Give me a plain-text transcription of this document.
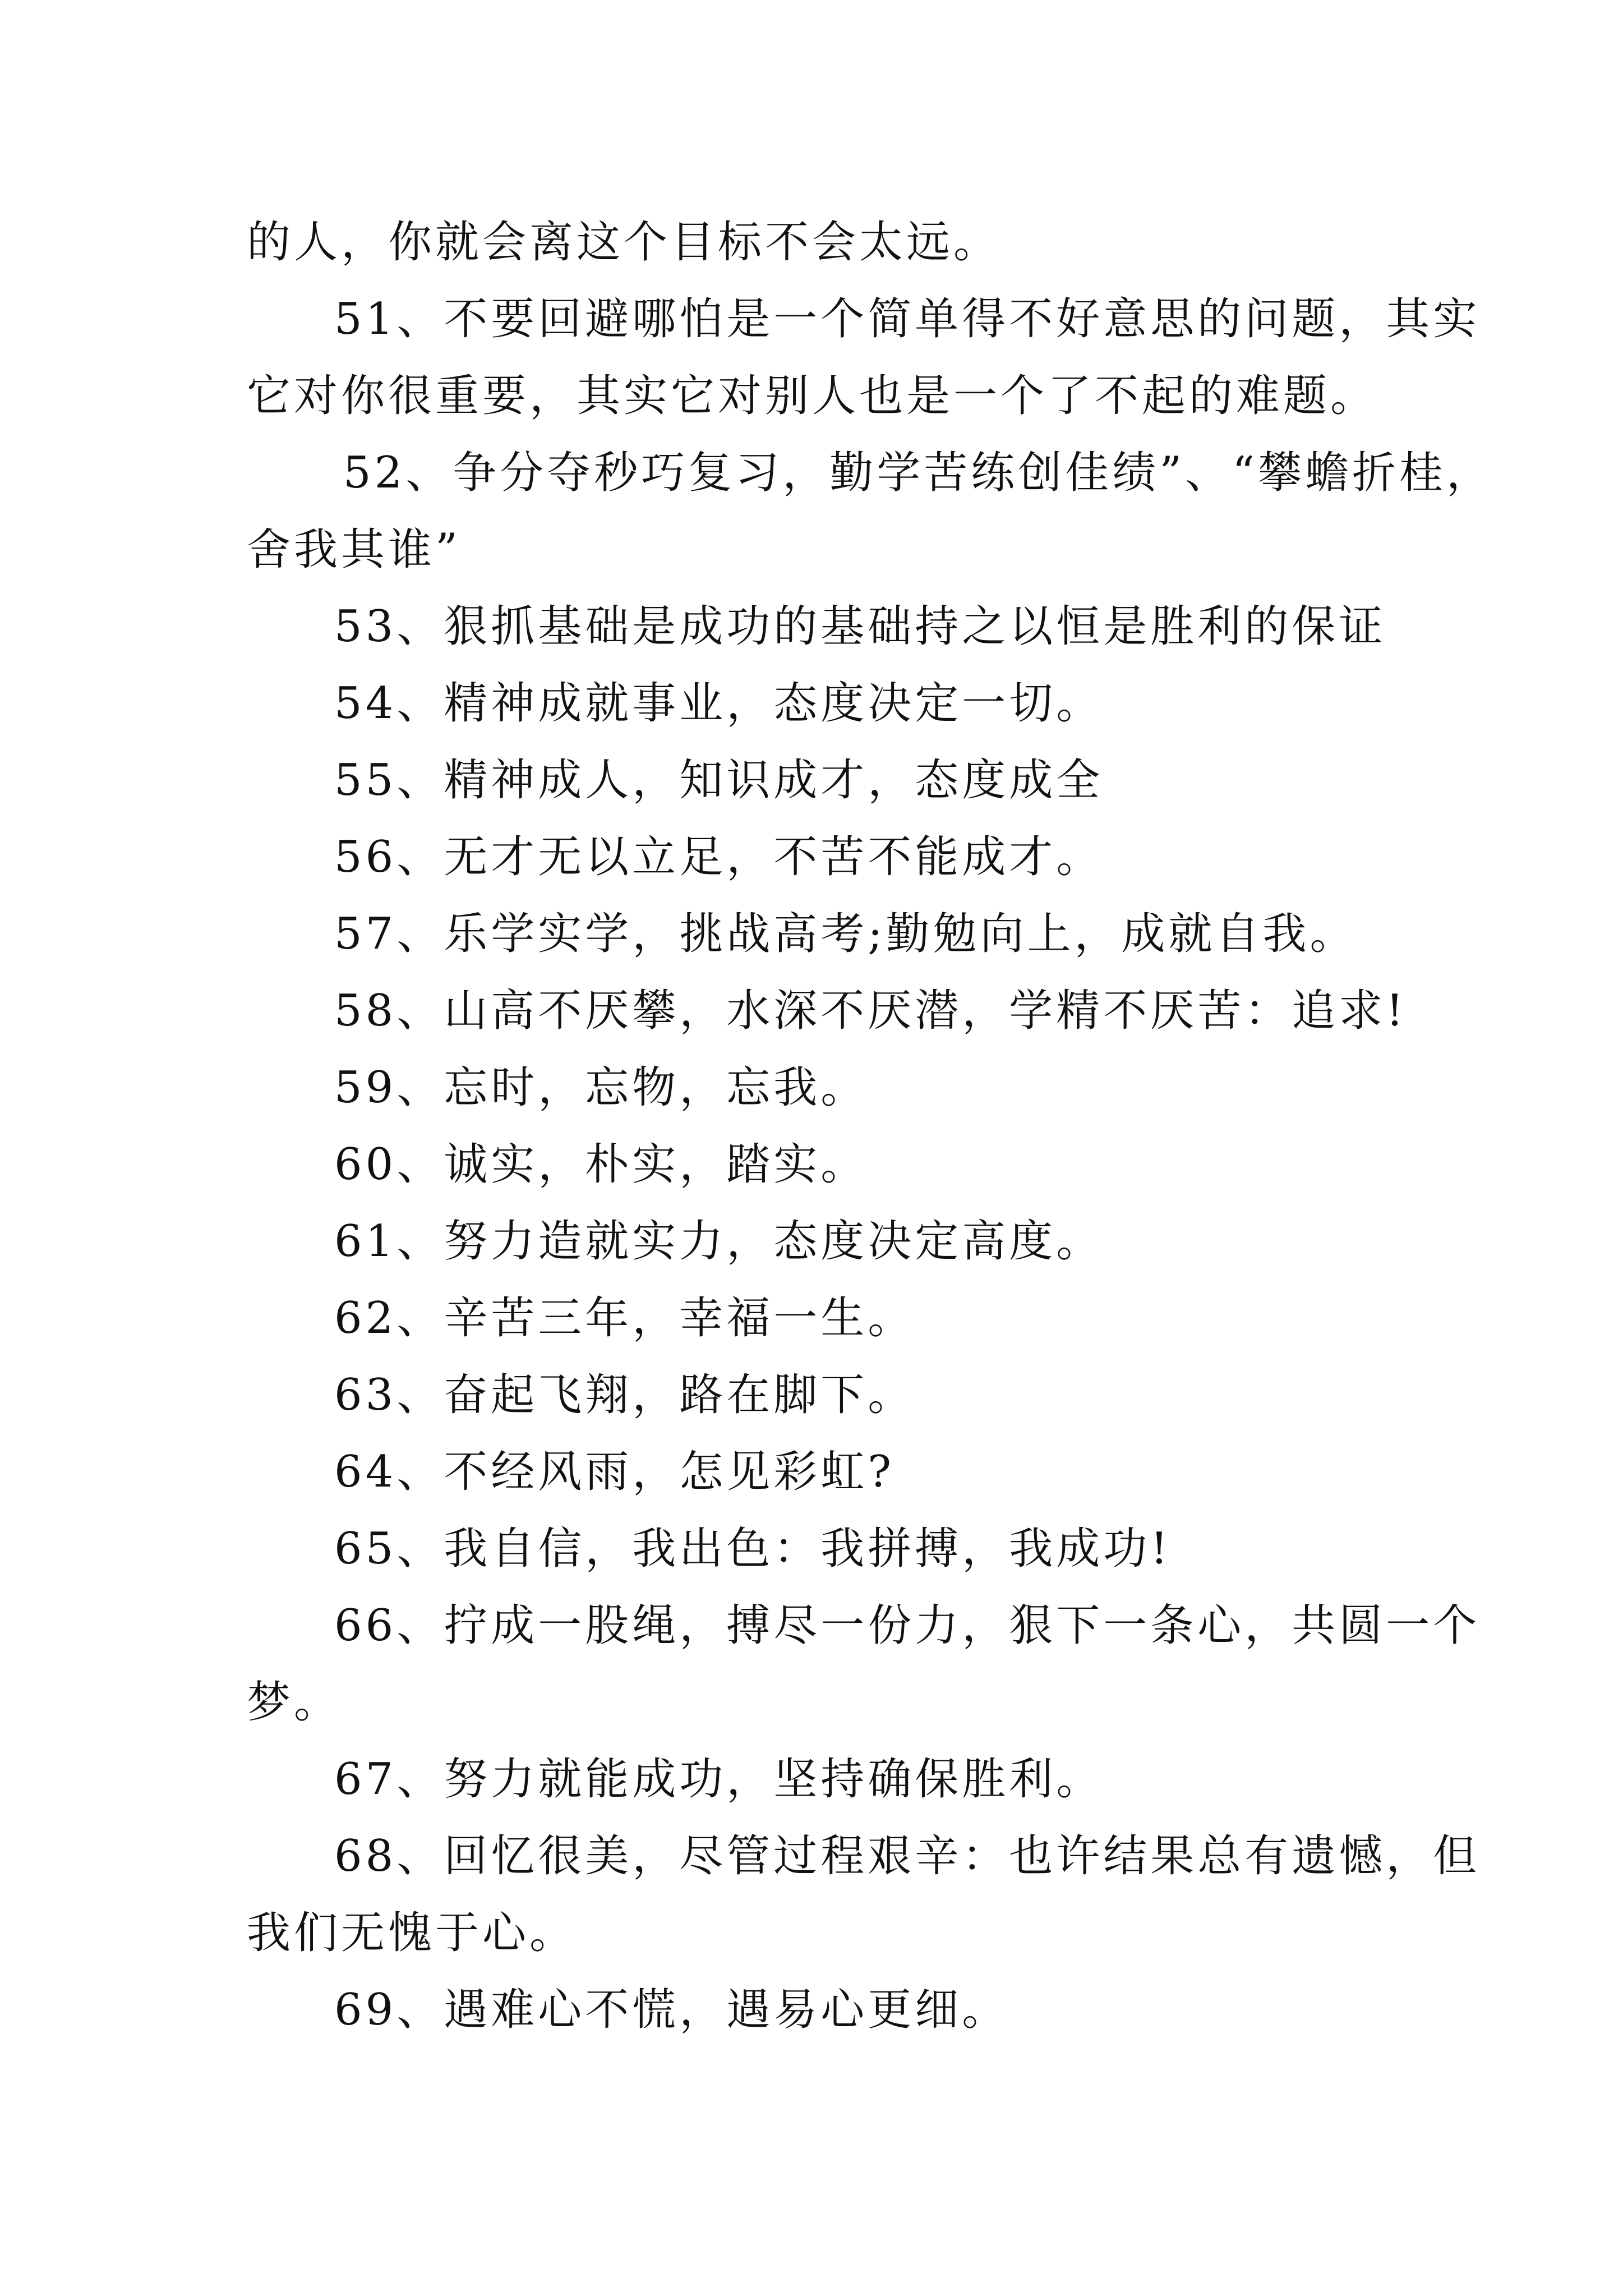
的人，你就会离这个目标不会太远。
51、不要回避哪怕是一个简单得不好意思的问题，其实
它对你很重要，其实它对别人也是一个了不起的难题。
52、争分夺秒巧复习，勤学苦练创佳绩”、“攀蟾折桂，
舍我其谁”
53、狠抓基础是成功的基础持之以恒是胜利的保证
54、精神成就事业，态度决定一切。
55、精神成人，知识成才，态度成全
56、无才无以立足，不苦不能成才。
57、乐学实学，挑战高考;勤勉向上，成就自我。
58、山高不厌攀，水深不厌潜，学精不厌苦：追求!
59、忘时，忘物，忘我。
60、诚实，朴实，踏实。
61、努力造就实力，态度决定高度。
62、辛苦三年，幸福一生。
63、奋起飞翔，路在脚下。
64、不经风雨，怎见彩虹?
65、我自信，我出色：我拼搏，我成功!
66、拧成一股绳，搏尽一份力，狠下一条心，共圆一个
梦。
67、努力就能成功，坚持确保胜利。
68、回忆很美，尽管过程艰辛：也许结果总有遗憾，但
我们无愧于心。
69、遇难心不慌，遇易心更细。
